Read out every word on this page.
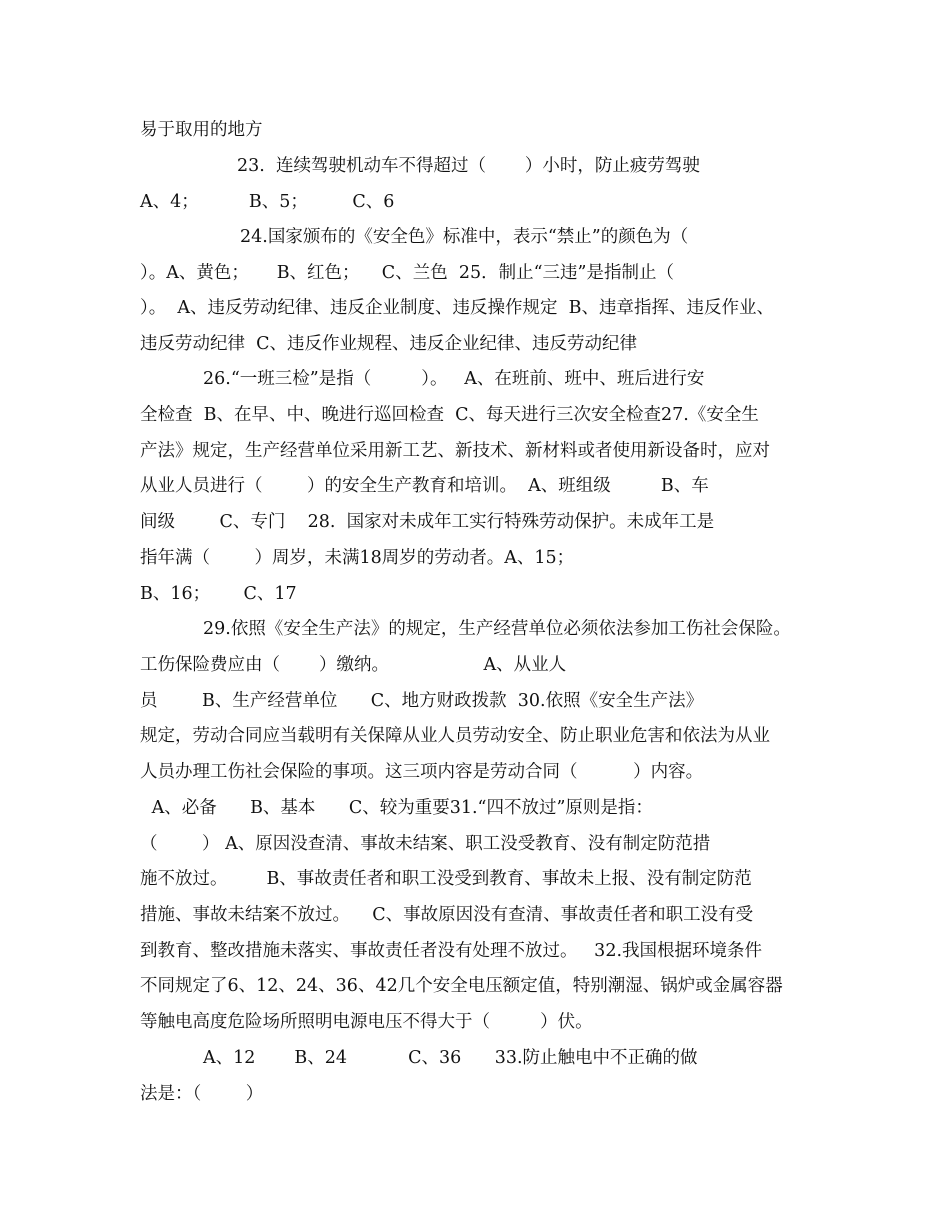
易于取用的地方
23.  连续驾驶机动车不得超过（       ）小时，防止疲劳驾驶
A、4；         B、5；        C、6
24.国家颁布的《安全色》标准中，表示“禁止”的颜色为（
）。A、黄色；     B、红色；    C、兰色  25．制止“三违”是指制止（
）。  A、违反劳动纪律、违反企业制度、违反操作规定  B、违章指挥、违反作业、
违反劳动纪律  C、违反作业规程、违反企业纪律、违反劳动纪律
26.“一班三检”是指（         ）。   A、在班前、班中、班后进行安
全检查  B、在早、中、晚进行巡回检查  C、每天进行三次安全检查27.《安全生
产法》规定，生产经营单位采用新工艺、新技术、新材料或者使用新设备时，应对
从业人员进行（        ）的安全生产教育和培训。  A、班组级         B、车
间级        C、专门    28.  国家对未成年工实行特殊劳动保护。未成年工是
指年满（        ）周岁，未满18周岁的劳动者。A、15；
B、16；      C、17
29.依照《安全生产法》的规定，生产经营单位必须依法参加工伤社会保险。
工伤保险费应由（       ）缴纳。                 A、从业人
员        B、生产经营单位      C、地方财政拨款  30.依照《安全生产法》
规定，劳动合同应当载明有关保障从业人员劳动安全、防止职业危害和依法为从业
人员办理工伤社会保险的事项。这三项内容是劳动合同（          ）内容。
A、必备      B、基本      C、较为重要31.“四不放过”原则是指：
（        ） A、原因没查清、事故未结案、职工没受教育、没有制定防范措
施不放过。       B、事故责任者和职工没受到教育、事故未上报、没有制定防范
措施、事故未结案不放过。    C、事故原因没有查清、事故责任者和职工没有受
到教育、整改措施未落实、事故责任者没有处理不放过。   32.我国根据环境条件
不同规定了6、12、24、36、42几个安全电压额定值，特别潮湿、锅炉或金属容器
等触电高度危险场所照明电源电压不得大于（         ）伏。
A、12       B、24           C、36      33.防止触电中不正确的做
法是：（        ）
